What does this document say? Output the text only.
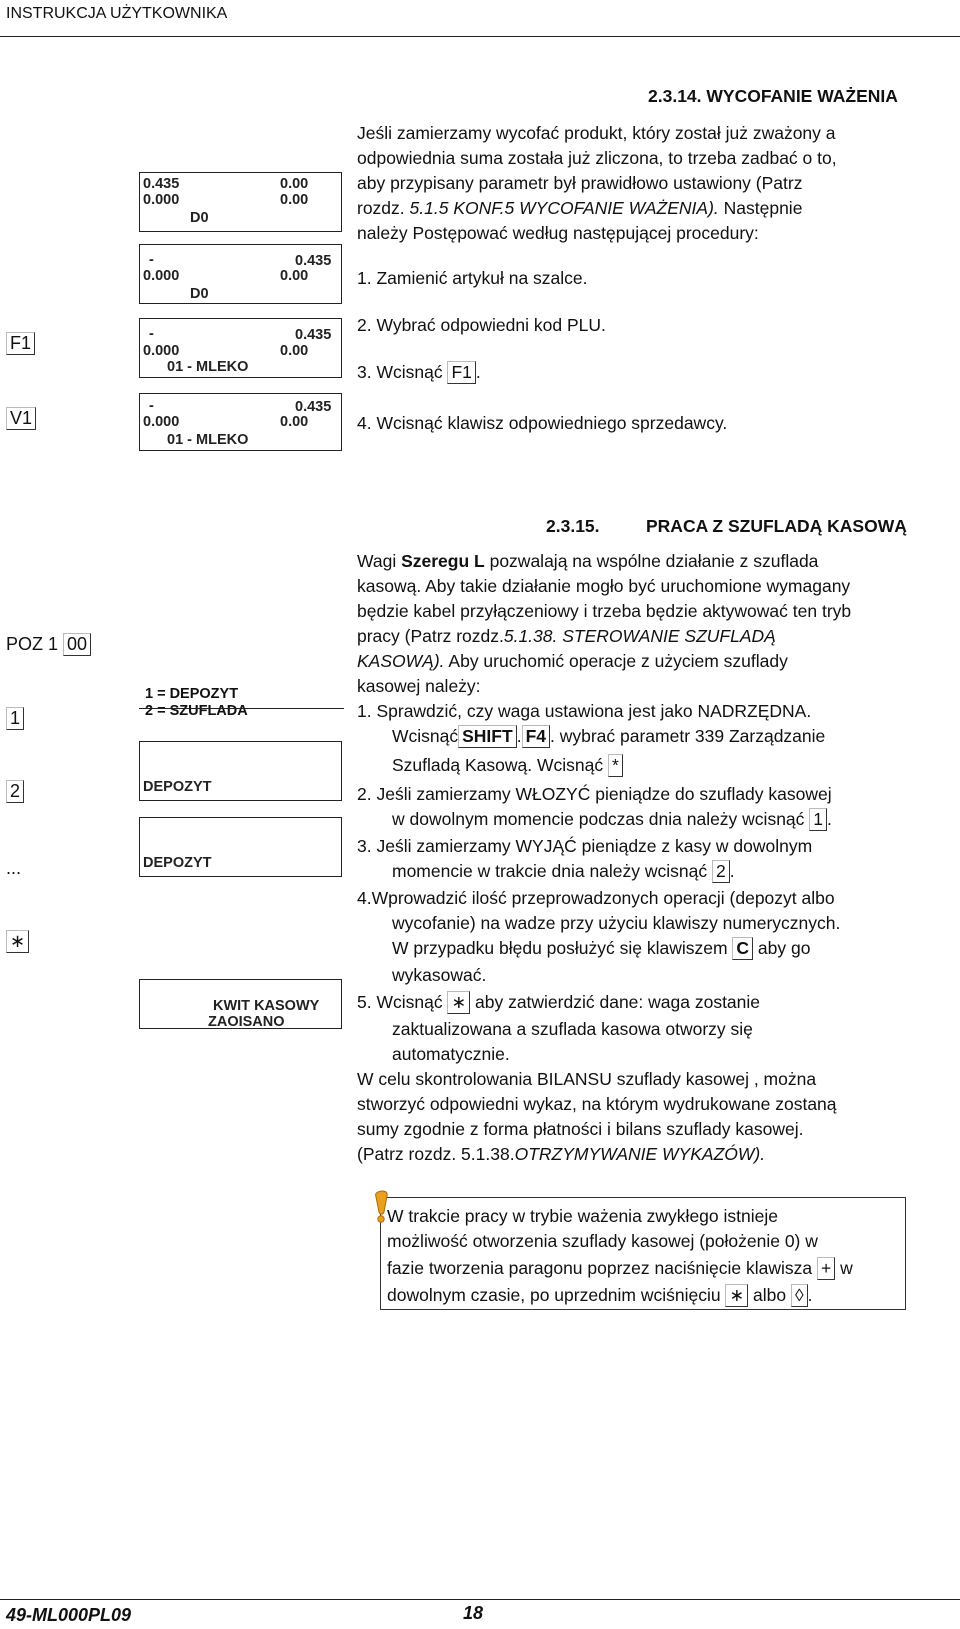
INSTRUKCJA UŻYTKOWNIKA
2.3.14. WYCOFANIE WAŻENIA
Jeśli zamierzamy wycofać produkt, który został już zważony a
odpowiednia suma została już zliczona, to trzeba zadbać o to,
aby przypisany parametr był prawidłowo ustawiony (Patrz
rozdz. 5.1.5 KONF.5 WYCOFANIE WAŻENIA). Następnie
należy Postępować według następującej procedury:
1. Zamienić artykuł na szalce.
2. Wybrać odpowiedni kod PLU.
3. Wcisnąć F1 .
4. Wcisnąć klawisz odpowiedniego sprzedawcy.
F1
V1
0.435	0.00
0.000	0.00
D0
-	0.435
0.000	0.00
D0
-	0.435
0.000	0.00
01 - MLEKO
-	0.435
0.000	0.00
01 - MLEKO
2.3.15.	PRACA Z SZUFLADĄ KASOWĄ
Wagi Szeregu L pozwalają na wspólne działanie z szuflada
kasową. Aby takie działanie mogło być uruchomione wymagany
będzie kabel przyłączeniowy i trzeba będzie aktywować ten tryb
pracy (Patrz rozdz.5.1.38. STEROWANIE SZUFLADĄ
KASOWĄ). Aby uruchomić operacje z użyciem szuflady
kasowej należy:
1. Sprawdzić, czy waga ustawiona jest jako NADRZĘDNA.
Wcisnąć SHIFT . F4 . wybrać parametr 339 Zarządzanie
Szufladą Kasową. Wcisnąć *
2. Jeśli zamierzamy WŁOZYĆ pieniądze do szuflady kasowej
w dowolnym momencie podczas dnia należy wcisnąć 1 .
3. Jeśli zamierzamy WYJĄĆ pieniądze z kasy w dowolnym
momencie w trakcie dnia należy wcisnąć 2 .
4.Wprowadzić ilość przeprowadzonych operacji (depozyt albo
wycofanie) na wadze przy użyciu klawiszy numerycznych.
W przypadku błędu posłużyć się klawiszem C aby go
wykasować.
5. Wcisnąć ∗ aby zatwierdzić dane: waga zostanie
zaktualizowana a szuflada kasowa otworzy się
automatycznie.
W celu skontrolowania BILANSU szuflady kasowej , można
stworzyć odpowiedni wykaz, na którym wydrukowane zostaną
sumy zgodnie z forma płatności i bilans szuflady kasowej.
(Patrz rozdz. 5.1.38.OTRZYMYWANIE WYKAZÓW).
POZ 1 00
1
2
...
∗
1 = DEPOZYT
2 = SZUFLADA
DEPOZYT
DEPOZYT
KWIT KASOWY
ZAOISANO
W trakcie pracy w trybie ważenia zwykłego istnieje
możliwość otworzenia szuflady kasowej (położenie 0) w
fazie tworzenia paragonu poprzez naciśnięcie klawisza + w
dowolnym czasie, po uprzednim wciśnięciu ∗ albo ◊ .
49-ML000PL09	18
